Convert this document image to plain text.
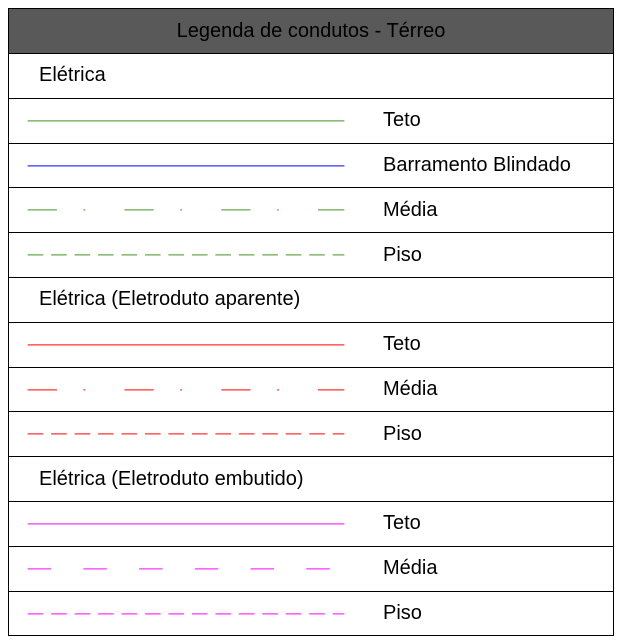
Legenda de condutos - Térreo
Elétrica
Teto
Barramento Blindado
Média
Piso
Elétrica (Eletroduto aparente)
Teto
Média
Piso
Elétrica (Eletroduto embutido)
Teto
Média
Piso
